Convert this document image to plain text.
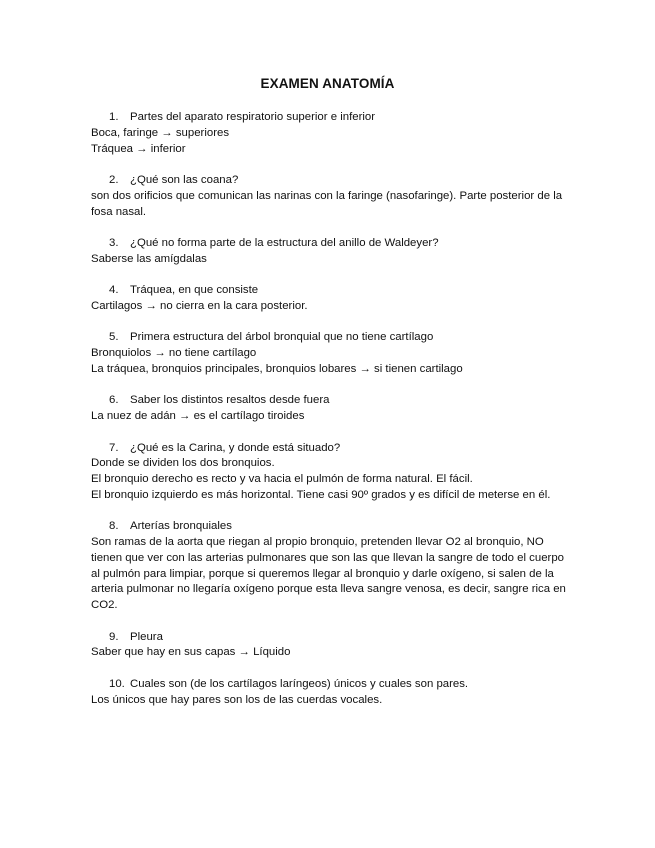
EXAMEN ANATOMÍA
1.	Partes del aparato respiratorio superior e inferior
Boca, faringe → superiores
Tráquea → inferior
2.	¿Qué son las coana?
son dos orificios que comunican las narinas con la faringe (nasofaringe). Parte posterior de la fosa nasal.
3.	¿Qué no forma parte de la estructura del anillo de Waldeyer?
Saberse las amígdalas
4.	Tráquea, en que consiste
Cartilagos → no cierra en la cara posterior.
5.	Primera estructura del árbol bronquial que no tiene cartílago
Bronquiolos → no tiene cartílago
La tráquea, bronquios principales, bronquios lobares → si tienen cartilago
6.	Saber los distintos resaltos desde fuera
La nuez de adán → es el cartílago tiroides
7.	¿Qué es la Carina, y donde está situado?
Donde se dividen los dos bronquios.
El bronquio derecho es recto y va hacia el pulmón de forma natural. El fácil.
El bronquio izquierdo es más horizontal. Tiene casi 90º grados y es difícil de meterse en él.
8.	Arterías bronquiales
Son ramas de la aorta que riegan al propio bronquio, pretenden llevar O2 al bronquio, NO tienen que ver con las arterias pulmonares que son las que llevan la sangre de todo el cuerpo al pulmón para limpiar, porque si queremos llegar al bronquio y darle oxígeno, si salen de la arteria pulmonar no llegaría oxígeno porque esta lleva sangre venosa, es decir, sangre rica en CO2.
9.	Pleura
Saber que hay en sus capas → Líquido
10. Cuales son (de los cartílagos laríngeos) únicos y cuales son pares.
Los únicos que hay pares son los de las cuerdas vocales.
